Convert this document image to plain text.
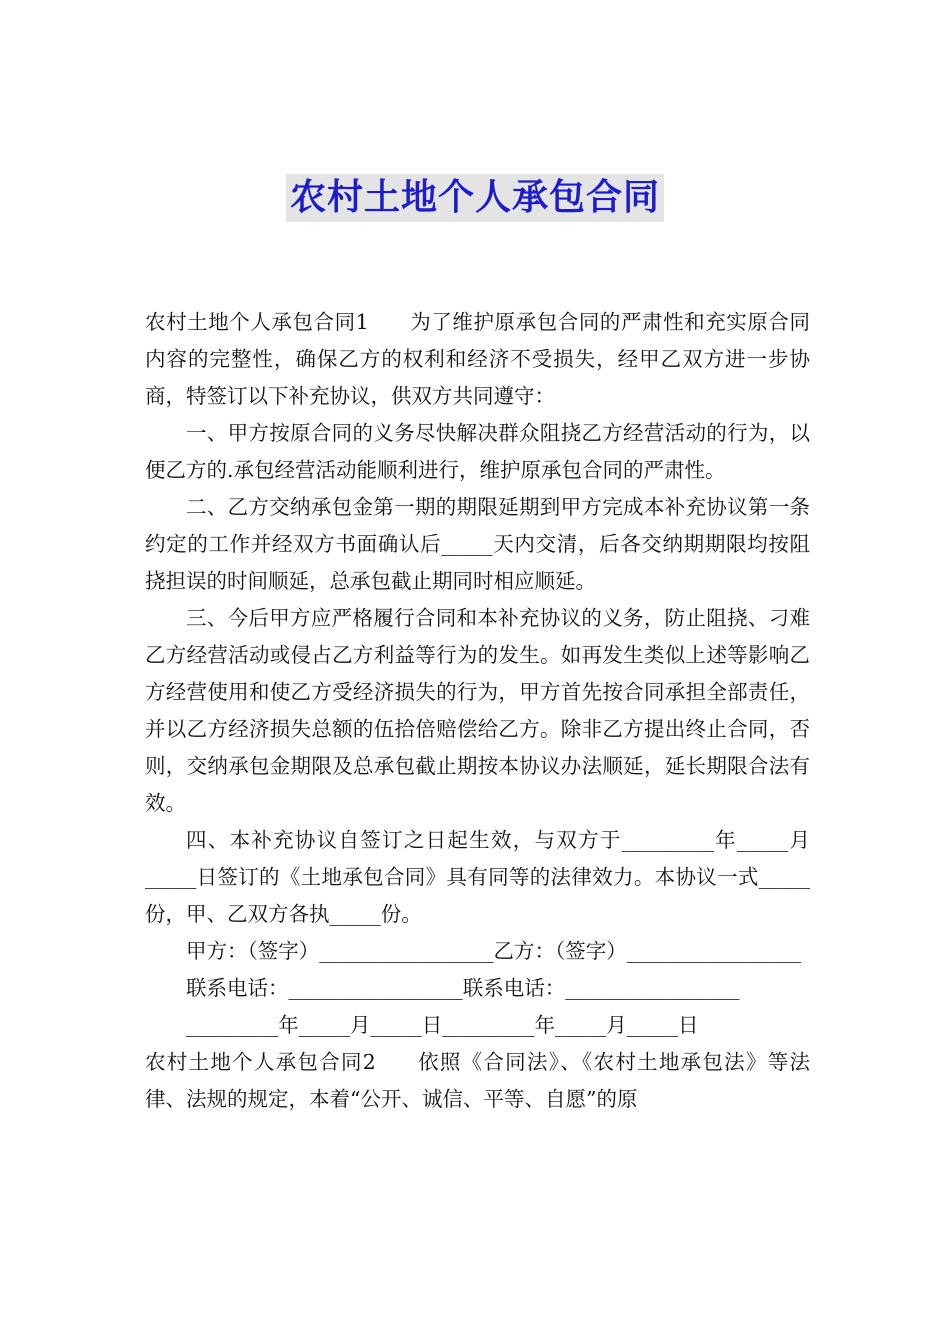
农村土地个人承包合同

农村土地个人承包合同1 为了维护原承包合同的严肃性和充实原合同内容的完整性，确保乙方的权利和经济不受损失，经甲乙双方进一步协商，特签订以下补充协议，供双方共同遵守：

一、甲方按原合同的义务尽快解决群众阻挠乙方经营活动的行为，以便乙方的.承包经营活动能顺利进行，维护原承包合同的严肃性。

二、乙方交纳承包金第一期的期限延期到甲方完成本补充协议第一条约定的工作并经双方书面确认后_____天内交清，后各交纳期期限均按阻挠担误的时间顺延，总承包截止期同时相应顺延。

三、今后甲方应严格履行合同和本补充协议的义务，防止阻挠、刁难乙方经营活动或侵占乙方利益等行为的发生。如再发生类似上述等影响乙方经营使用和使乙方受经济损失的行为，甲方首先按合同承担全部责任，并以乙方经济损失总额的伍拾倍赔偿给乙方。除非乙方提出终止合同，否则，交纳承包金期限及总承包截止期按本协议办法顺延，延长期限合法有效。

四、本补充协议自签订之日起生效，与双方于_________年_____月_____日签订的《土地承包合同》具有同等的法律效力。本协议一式_____份，甲、乙双方各执_____份。

甲方：（签字）_________________乙方：（签字）_________________

联系电话：_________________联系电话：_________________

_________年_____月_____日_________年_____月_____日

农村土地个人承包合同2 依照《合同法》、《农村土地承包法》等法律、法规的规定，本着“公开、诚信、平等、自愿”的原
